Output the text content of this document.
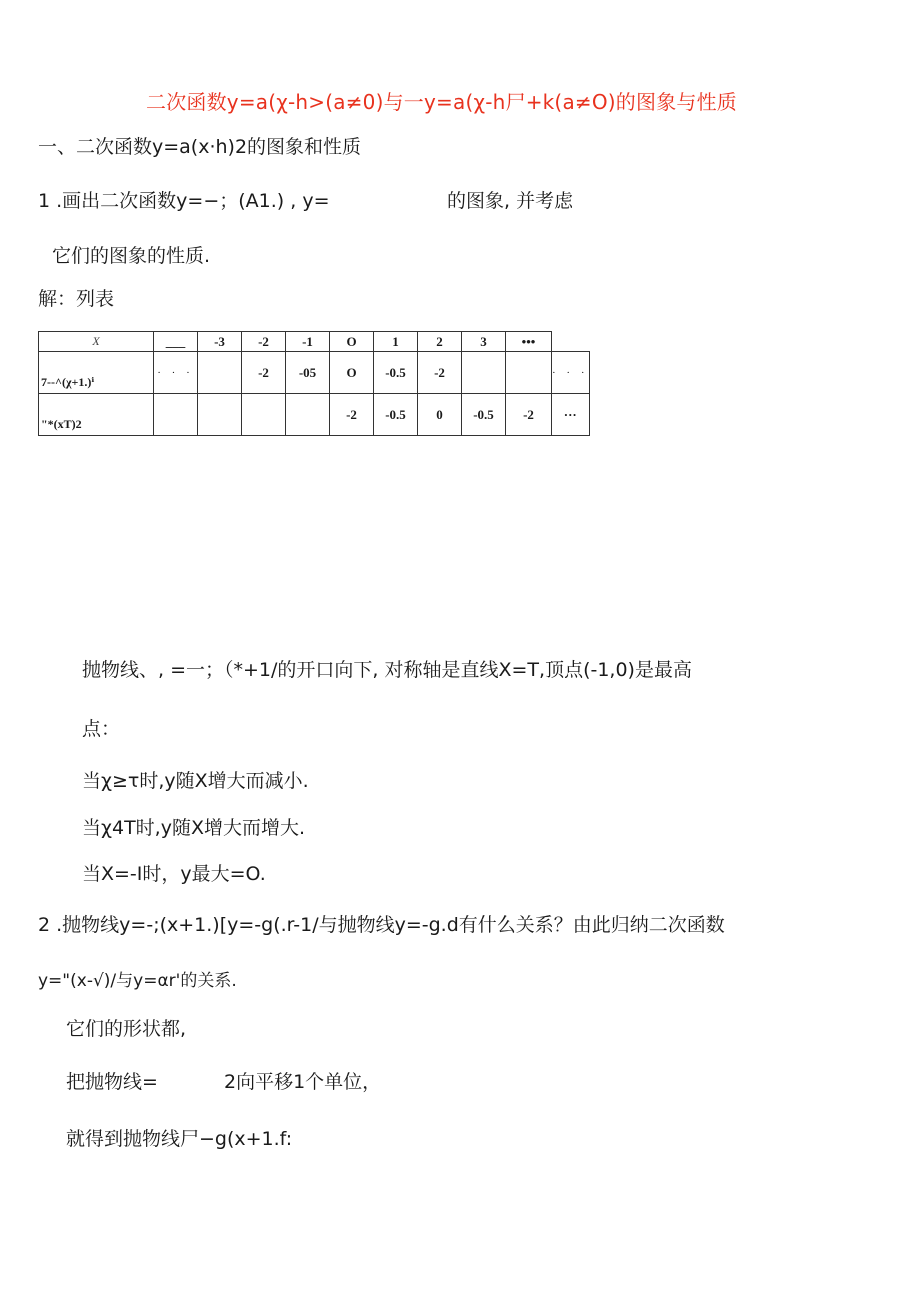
二次函数y=a(χ-h>(a≠0)与一y=a(χ-h尸+k(a≠O)的图象与性质
一、二次函数y=a(x·h)2的图象和性质
1 .画出二次函数y=−；(A1.) , y=	的图象, 并考虑
它们的图象的性质.
解：列表
X	___	-3	-2	-1	O	1	2	3	•••	
7--^(χ+1.)ⁱ	· · ·		-2	-05	O	-0.5	-2			· · ·
"*(xT)2					-2	-0.5	0	-0.5	-2	···
抛物线、, =一；（*+1/的开口向下, 对称轴是直线X=T,顶点(-1,0)是最高
点：
当χ≥τ时,y随X增大而减小.
当χ4T时,y随X增大而增大.
当X=-I时，y最大=O.
2 .抛物线y=-;(x+1.)[y=-g(.r-1/与抛物线y=-g.d有什么关系？由此归纳二次函数
y="(x-√)/与y=αr'的关系.
它们的形状都,
把抛物线=	2向平移1个单位，
就得到抛物线尸−g(x+1.f:
